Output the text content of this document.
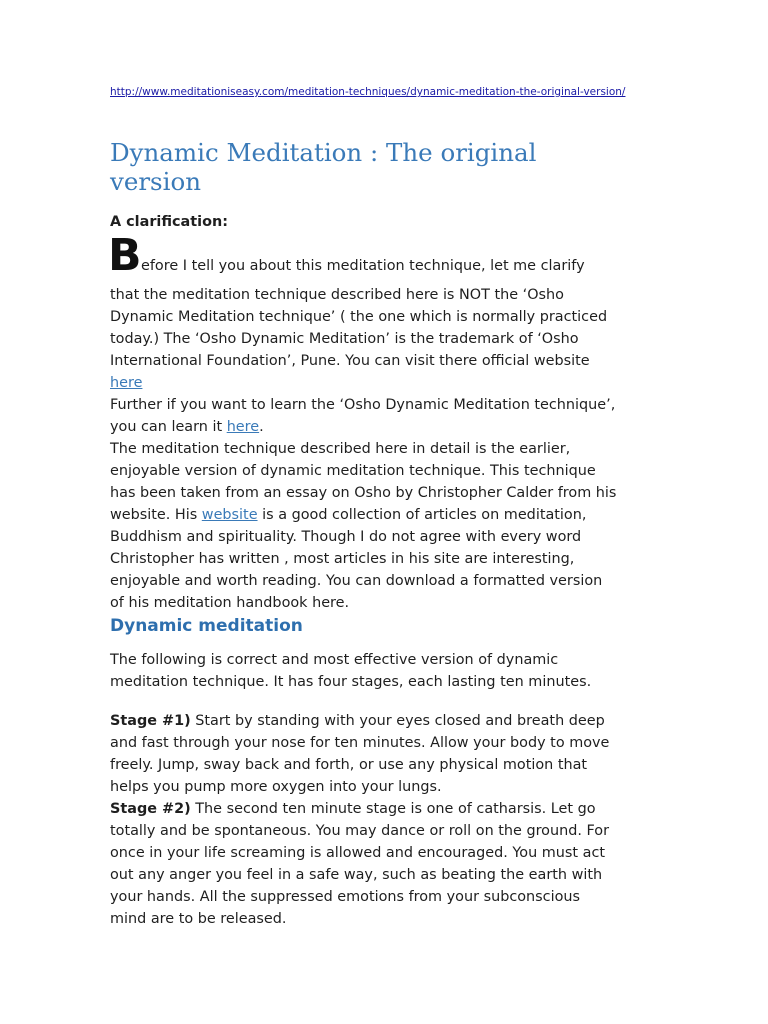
http://www.meditationiseasy.com/meditation-techniques/dynamic-meditation-the-original-version/
Dynamic Meditation : The original
version
A clarification:
B efore I tell you about this meditation technique, let me clarify
that the meditation technique described here is NOT the ‘Osho
Dynamic Meditation technique’ ( the one which is normally practiced
today.) The ‘Osho Dynamic Meditation’ is the trademark of ‘Osho
International Foundation’, Pune. You can visit there official website
here
Further if you want to learn the ‘Osho Dynamic Meditation technique’,
you can learn it here.
The meditation technique described here in detail is the earlier,
enjoyable version of dynamic meditation technique. This technique
has been taken from an essay on Osho by Christopher Calder from his
website. His website is a good collection of articles on meditation,
Buddhism and spirituality. Though I do not agree with every word
Christopher has written , most articles in his site are interesting,
enjoyable and worth reading. You can download a formatted version
of his meditation handbook here.
Dynamic meditation
The following is correct and most effective version of dynamic
meditation technique. It has four stages, each lasting ten minutes.
Stage #1) Start by standing with your eyes closed and breath deep
and fast through your nose for ten minutes. Allow your body to move
freely. Jump, sway back and forth, or use any physical motion that
helps you pump more oxygen into your lungs.
Stage #2) The second ten minute stage is one of catharsis. Let go
totally and be spontaneous. You may dance or roll on the ground. For
once in your life screaming is allowed and encouraged. You must act
out any anger you feel in a safe way, such as beating the earth with
your hands. All the suppressed emotions from your subconscious
mind are to be released.
